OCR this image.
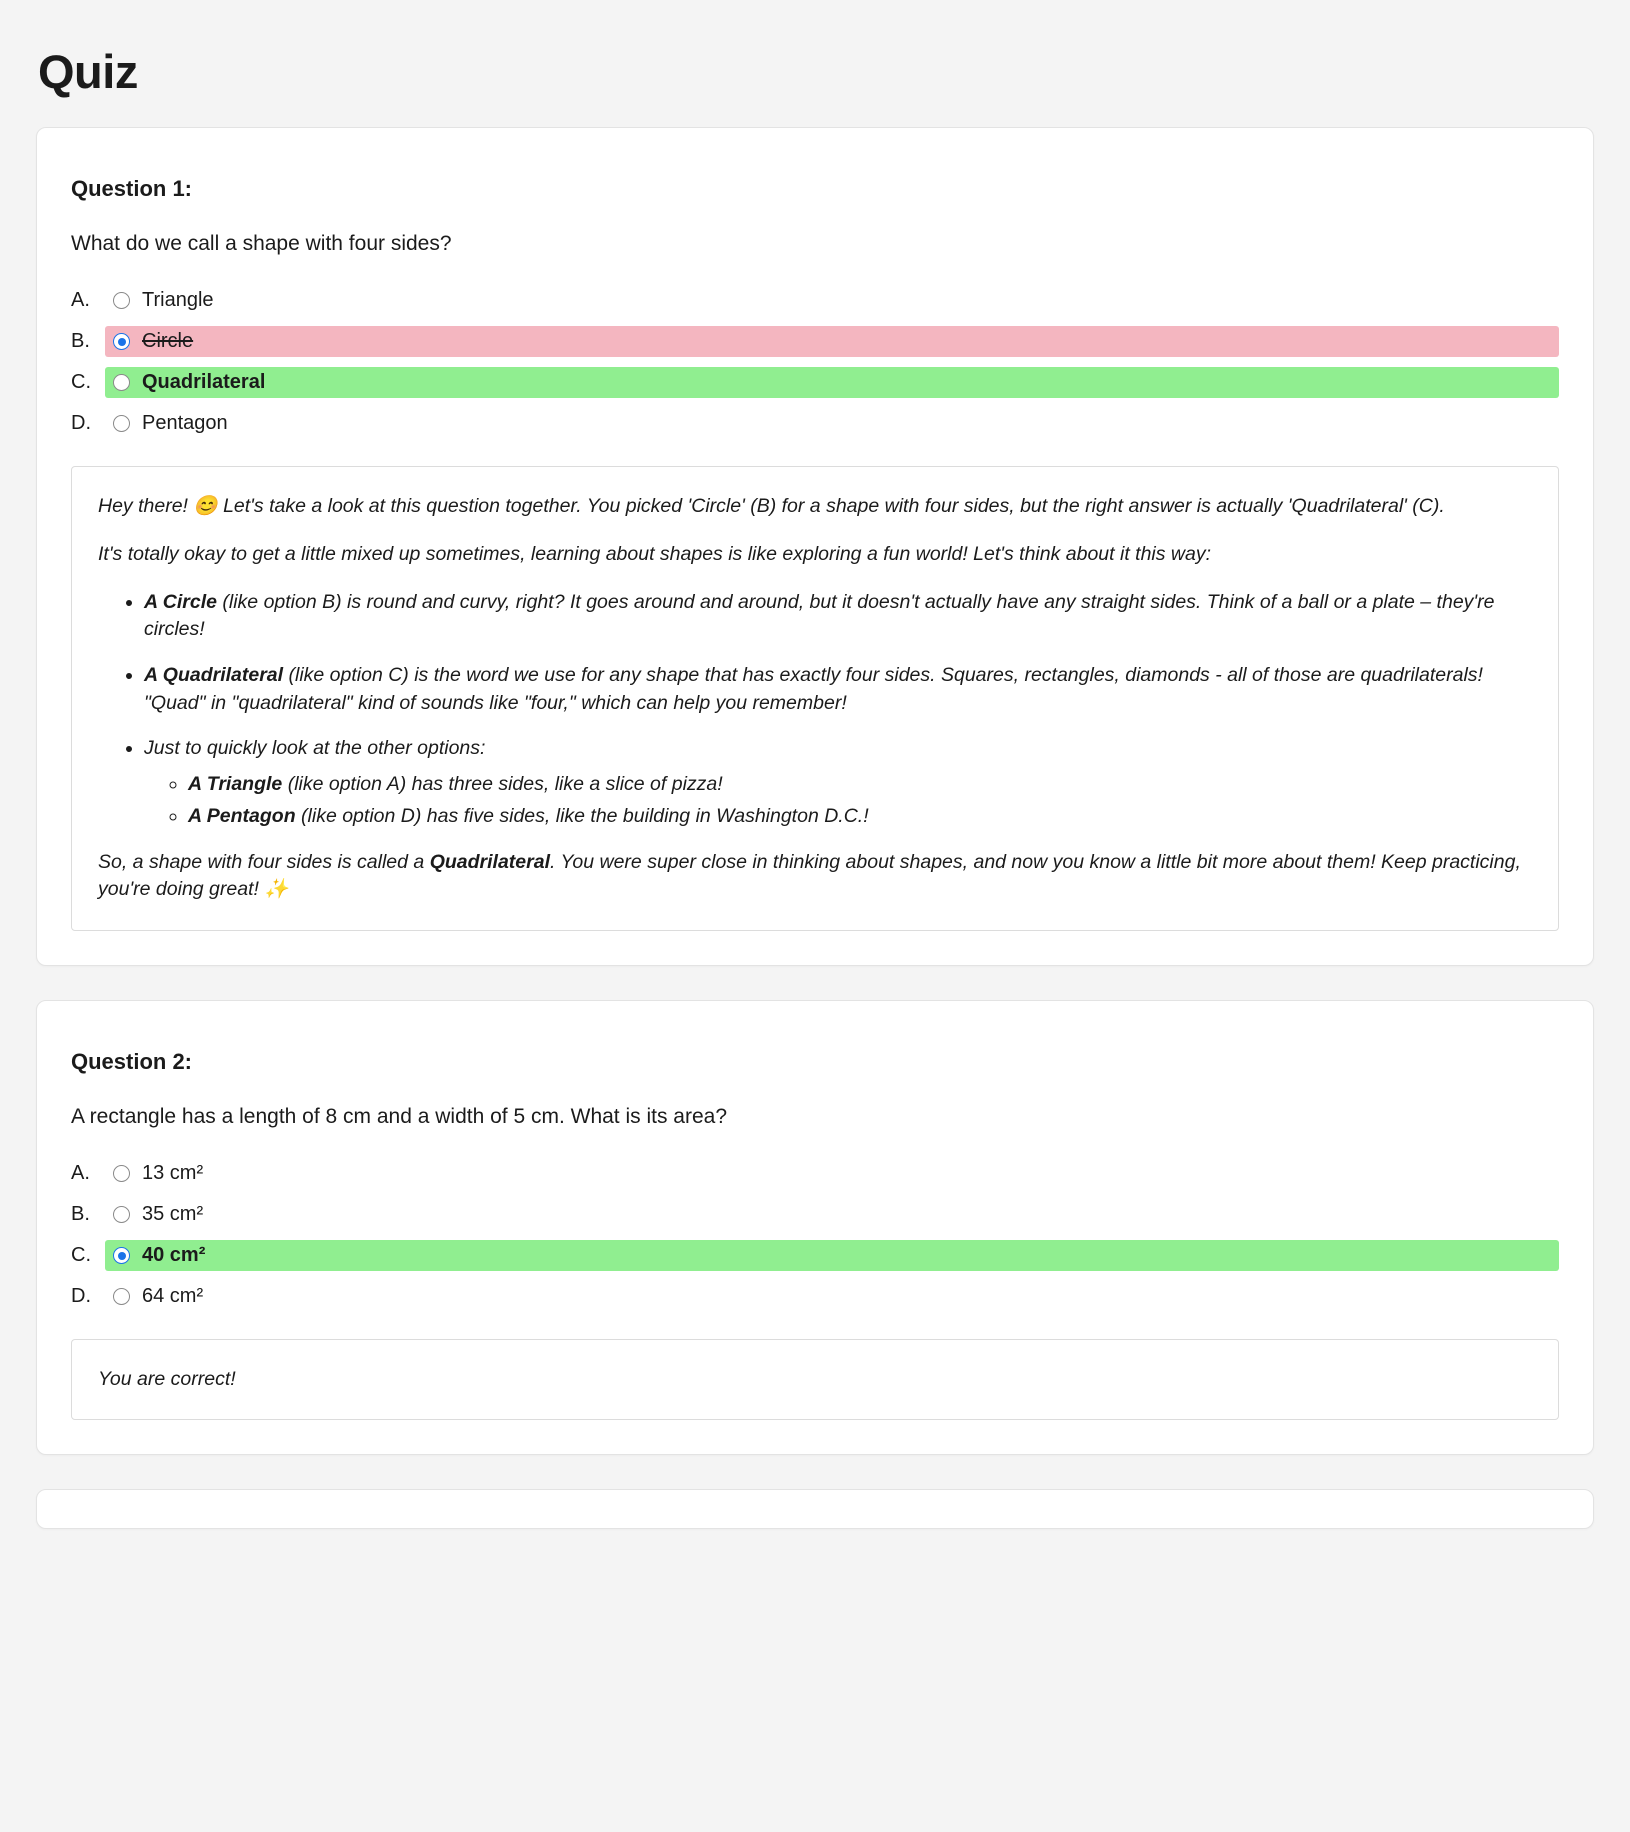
Quiz
Question 1:
What do we call a shape with four sides?
A.	Triangle
B.	Circle
C.	Quadrilateral
D.	Pentagon

Hey there! 😊 Let's take a look at this question together. You picked 'Circle' (B) for a shape with four sides, but the right answer is actually 'Quadrilateral' (C).

It's totally okay to get a little mixed up sometimes, learning about shapes is like exploring a fun world! Let's think about it this way:

• A Circle (like option B) is round and curvy, right? It goes around and around, but it doesn't actually have any straight sides. Think of a ball or a plate – they're circles!
• A Quadrilateral (like option C) is the word we use for any shape that has exactly four sides. Squares, rectangles, diamonds - all of those are quadrilaterals! "Quad" in "quadrilateral" kind of sounds like "four," which can help you remember!
• Just to quickly look at the other options:
◦ A Triangle (like option A) has three sides, like a slice of pizza!
◦ A Pentagon (like option D) has five sides, like the building in Washington D.C.!

So, a shape with four sides is called a Quadrilateral. You were super close in thinking about shapes, and now you know a little bit more about them! Keep practicing, you're doing great! ✨

Question 2:
A rectangle has a length of 8 cm and a width of 5 cm. What is its area?
A.	13 cm²
B.	35 cm²
C.	40 cm²
D.	64 cm²
You are correct!
